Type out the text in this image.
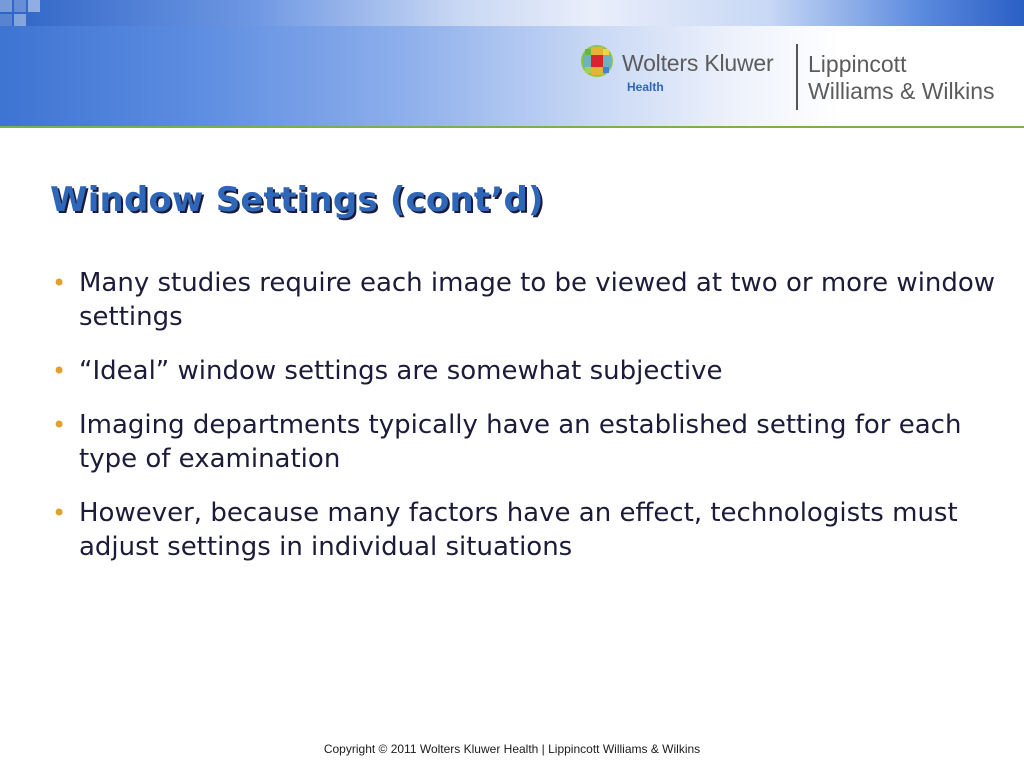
Wolters Kluwer
Health
Lippincott
Williams & Wilkins
Window Settings (cont’d)
• Many studies require each image to be viewed at two or more window settings
• “Ideal” window settings are somewhat subjective
• Imaging departments typically have an established setting for each type of examination
• However, because many factors have an effect, technologists must adjust settings in individual situations
Copyright © 2011 Wolters Kluwer Health | Lippincott Williams & Wilkins
